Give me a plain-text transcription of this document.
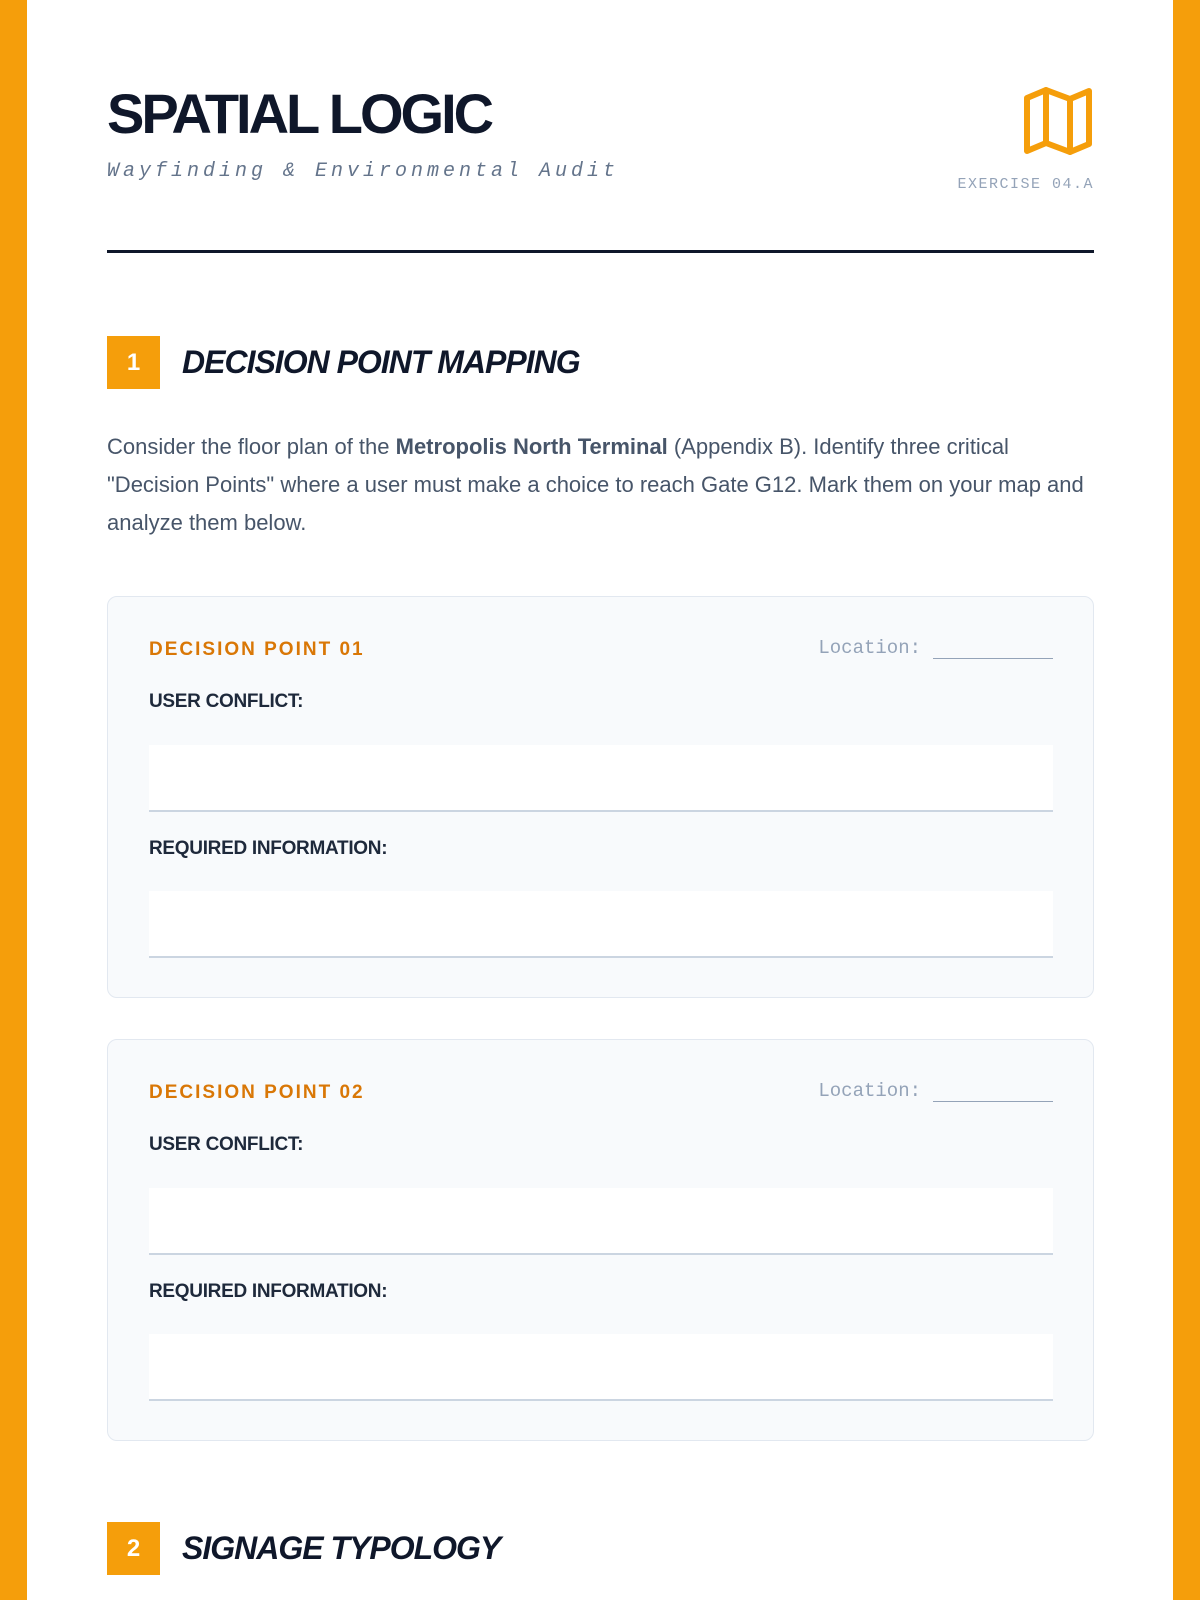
SPATIAL LOGIC
Wayfinding & Environmental Audit
EXERCISE 04.A
1	DECISION POINT MAPPING

Consider the floor plan of the Metropolis North Terminal (Appendix B). Identify three critical "Decision Points" where a user must make a choice to reach Gate G12. Mark them on your map and analyze them below.

DECISION POINT 01	Location:
USER CONFLICT:
REQUIRED INFORMATION:
DECISION POINT 02	Location:
USER CONFLICT:
REQUIRED INFORMATION:
2	SIGNAGE TYPOLOGY
